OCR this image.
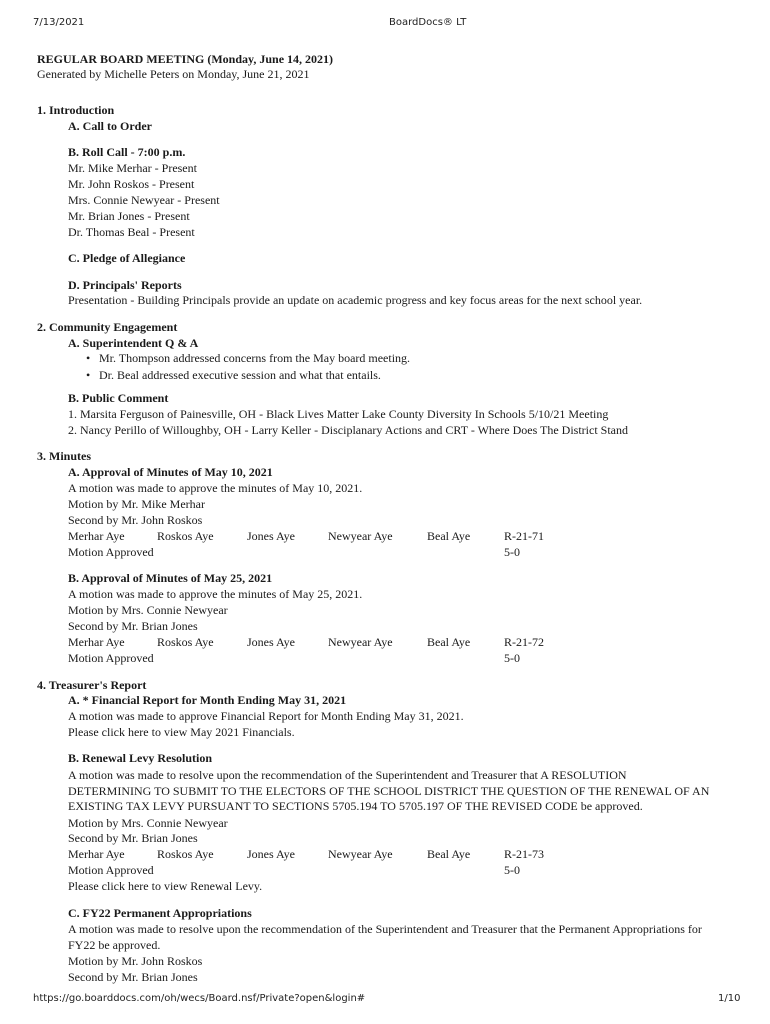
7/13/2021	BoardDocs® LT
REGULAR BOARD MEETING (Monday, June 14, 2021)
Generated by Michelle Peters on Monday, June 21, 2021
1. Introduction
A. Call to Order
B. Roll Call - 7:00 p.m.
Mr. Mike Merhar - Present
Mr. John Roskos - Present
Mrs. Connie Newyear - Present
Mr. Brian Jones - Present
Dr. Thomas Beal - Present
C. Pledge of Allegiance
D. Principals' Reports
Presentation - Building Principals provide an update on academic progress and key focus areas for the next school year.
2. Community Engagement
A. Superintendent Q & A
• Mr. Thompson addressed concerns from the May board meeting.
• Dr. Beal addressed executive session and what that entails.
B. Public Comment
1. Marsita Ferguson of Painesville, OH - Black Lives Matter Lake County Diversity In Schools 5/10/21 Meeting
2. Nancy Perillo of Willoughby, OH - Larry Keller - Disciplanary Actions and CRT - Where Does The District Stand
3. Minutes
A. Approval of Minutes of May 10, 2021
A motion was made to approve the minutes of May 10, 2021.
Motion by Mr. Mike Merhar
Second by Mr. John Roskos
Merhar Aye	Roskos Aye	Jones Aye	Newyear Aye	Beal Aye	R-21-71
Motion Approved	5-0
B. Approval of Minutes of May 25, 2021
A motion was made to approve the minutes of May 25, 2021.
Motion by Mrs. Connie Newyear
Second by Mr. Brian Jones
Merhar Aye	Roskos Aye	Jones Aye	Newyear Aye	Beal Aye	R-21-72
Motion Approved	5-0
4. Treasurer's Report
A. * Financial Report for Month Ending May 31, 2021
A motion was made to approve Financial Report for Month Ending May 31, 2021.
Please click here to view May 2021 Financials.
B. Renewal Levy Resolution
A motion was made to resolve upon the recommendation of the Superintendent and Treasurer that A RESOLUTION
DETERMINING TO SUBMIT TO THE ELECTORS OF THE SCHOOL DISTRICT THE QUESTION OF THE RENEWAL OF AN
EXISTING TAX LEVY PURSUANT TO SECTIONS 5705.194 TO 5705.197 OF THE REVISED CODE be approved.
Motion by Mrs. Connie Newyear
Second by Mr. Brian Jones
Merhar Aye	Roskos Aye	Jones Aye	Newyear Aye	Beal Aye	R-21-73
Motion Approved	5-0
Please click here to view Renewal Levy.
C. FY22 Permanent Appropriations
A motion was made to resolve upon the recommendation of the Superintendent and Treasurer that the Permanent Appropriations for
FY22 be approved.
Motion by Mr. John Roskos
Second by Mr. Brian Jones
https://go.boarddocs.com/oh/wecs/Board.nsf/Private?open&login#	1/10
